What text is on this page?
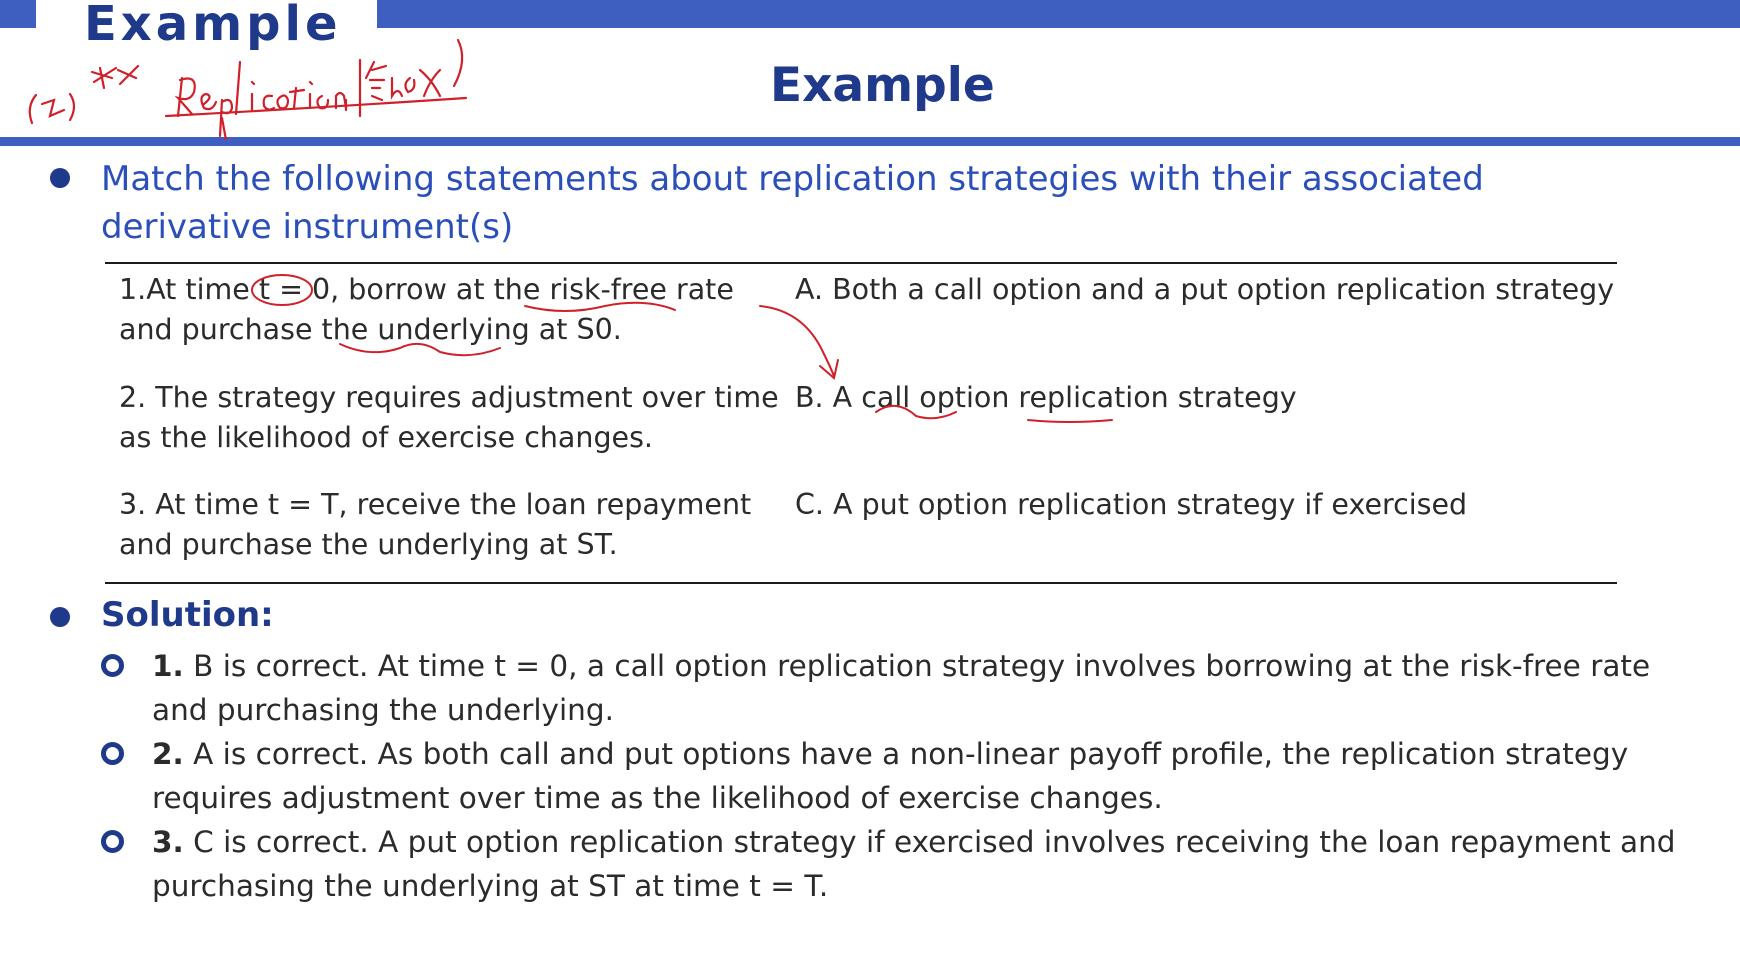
Example
Example
Match the following statements about replication strategies with their associated derivative instrument(s)
1.At time t = 0, borrow at the risk-free rate and purchase the underlying at S0.
2. The strategy requires adjustment over time as the likelihood of exercise changes.
3. At time t = T, receive the loan repayment and purchase the underlying at ST.
A. Both a call option and a put option replication strategy
B. A call option replication strategy
C. A put option replication strategy if exercised
Solution:
1. B is correct. At time t = 0, a call option replication strategy involves borrowing at the risk-free rate and purchasing the underlying.
2. A is correct. As both call and put options have a non-linear payoff profile, the replication strategy requires adjustment over time as the likelihood of exercise changes.
3. C is correct. A put option replication strategy if exercised involves receiving the loan repayment and purchasing the underlying at ST at time t = T.
